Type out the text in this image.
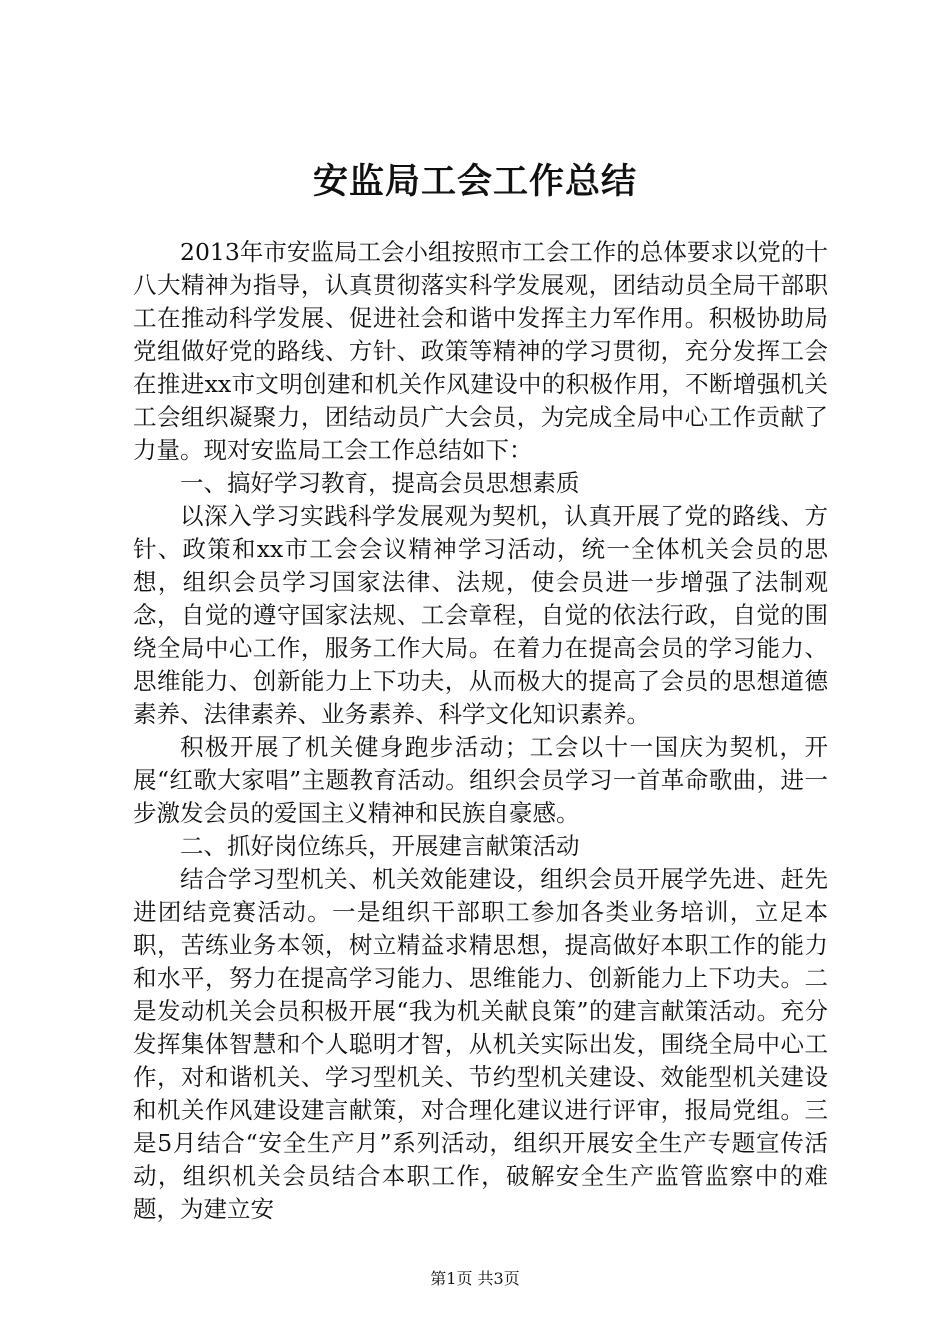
安监局工会工作总结

2013年市安监局工会小组按照市工会工作的总体要求以党的十八大精神为指导，认真贯彻落实科学发展观，团结动员全局干部职工在推动科学发展、促进社会和谐中发挥主力军作用。积极协助局党组做好党的路线、方针、政策等精神的学习贯彻，充分发挥工会在推进xx市文明创建和机关作风建设中的积极作用，不断增强机关工会组织凝聚力，团结动员广大会员，为完成全局中心工作贡献了力量。现对安监局工会工作总结如下：

一、搞好学习教育，提高会员思想素质

以深入学习实践科学发展观为契机，认真开展了党的路线、方针、政策和xx市工会会议精神学习活动，统一全体机关会员的思想，组织会员学习国家法律、法规，使会员进一步增强了法制观念，自觉的遵守国家法规、工会章程，自觉的依法行政，自觉的围绕全局中心工作，服务工作大局。在着力在提高会员的学习能力、思维能力、创新能力上下功夫，从而极大的提高了会员的思想道德素养、法律素养、业务素养、科学文化知识素养。

积极开展了机关健身跑步活动；工会以十一国庆为契机，开展“红歌大家唱”主题教育活动。组织会员学习一首革命歌曲，进一步激发会员的爱国主义精神和民族自豪感。

二、抓好岗位练兵，开展建言献策活动

结合学习型机关、机关效能建设，组织会员开展学先进、赶先进团结竞赛活动。一是组织干部职工参加各类业务培训，立足本职，苦练业务本领，树立精益求精思想，提高做好本职工作的能力和水平，努力在提高学习能力、思维能力、创新能力上下功夫。二是发动机关会员积极开展“我为机关献良策”的建言献策活动。充分发挥集体智慧和个人聪明才智，从机关实际出发，围绕全局中心工作，对和谐机关、学习型机关、节约型机关建设、效能型机关建设和机关作风建设建言献策，对合理化建议进行评审，报局党组。三是5月结合“安全生产月”系列活动，组织开展安全生产专题宣传活动，组织机关会员结合本职工作，破解安全生产监管监察中的难题，为建立安

第1页 共3页
